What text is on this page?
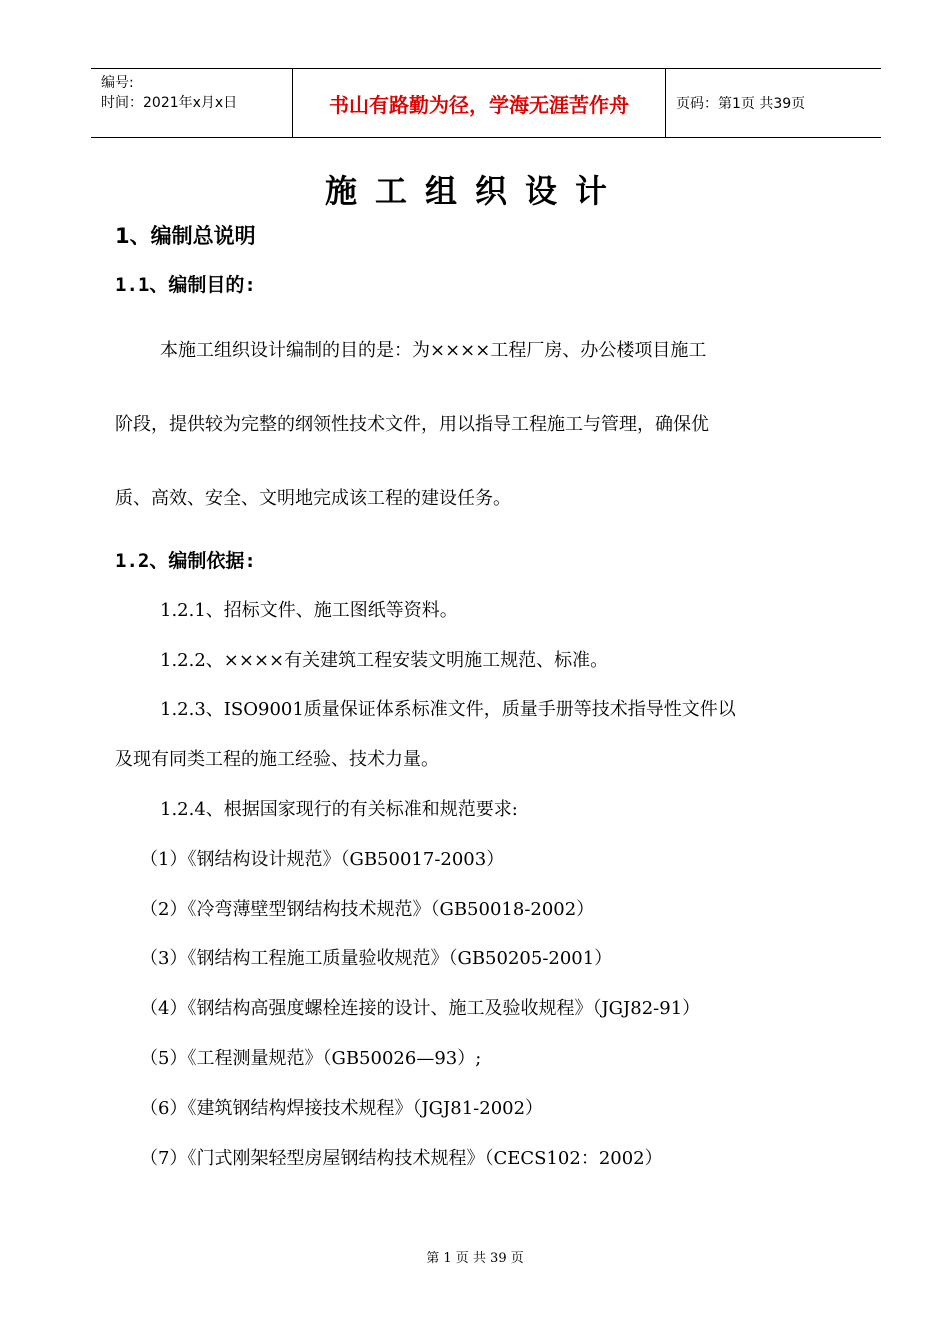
编号:
时间：2021年x月x日	书山有路勤为径，学海无涯苦作舟	页码：第1页 共39页
施工组织设计
1、编制总说明
1.1、编制目的:
本施工组织设计编制的目的是：为××××工程厂房、办公楼项目施工
阶段，提供较为完整的纲领性技术文件，用以指导工程施工与管理，确保优
质、高效、安全、文明地完成该工程的建设任务。
1.2、编制依据:
1.2.1、招标文件、施工图纸等资料。
1.2.2、××××有关建筑工程安装文明施工规范、标准。
1.2.3、ISO9001质量保证体系标准文件，质量手册等技术指导性文件以
及现有同类工程的施工经验、技术力量。
1.2.4、根据国家现行的有关标准和规范要求:
（1）《钢结构设计规范》（GB50017-2003）
（2）《冷弯薄壁型钢结构技术规范》（GB50018-2002）
（3）《钢结构工程施工质量验收规范》（GB50205-2001）
（4）《钢结构高强度螺栓连接的设计、施工及验收规程》（JGJ82-91）
（5）《工程测量规范》（GB50026—93）;
（6）《建筑钢结构焊接技术规程》（JGJ81-2002）
（7）《门式刚架轻型房屋钢结构技术规程》（CECS102：2002）
第 1 页 共 39 页
